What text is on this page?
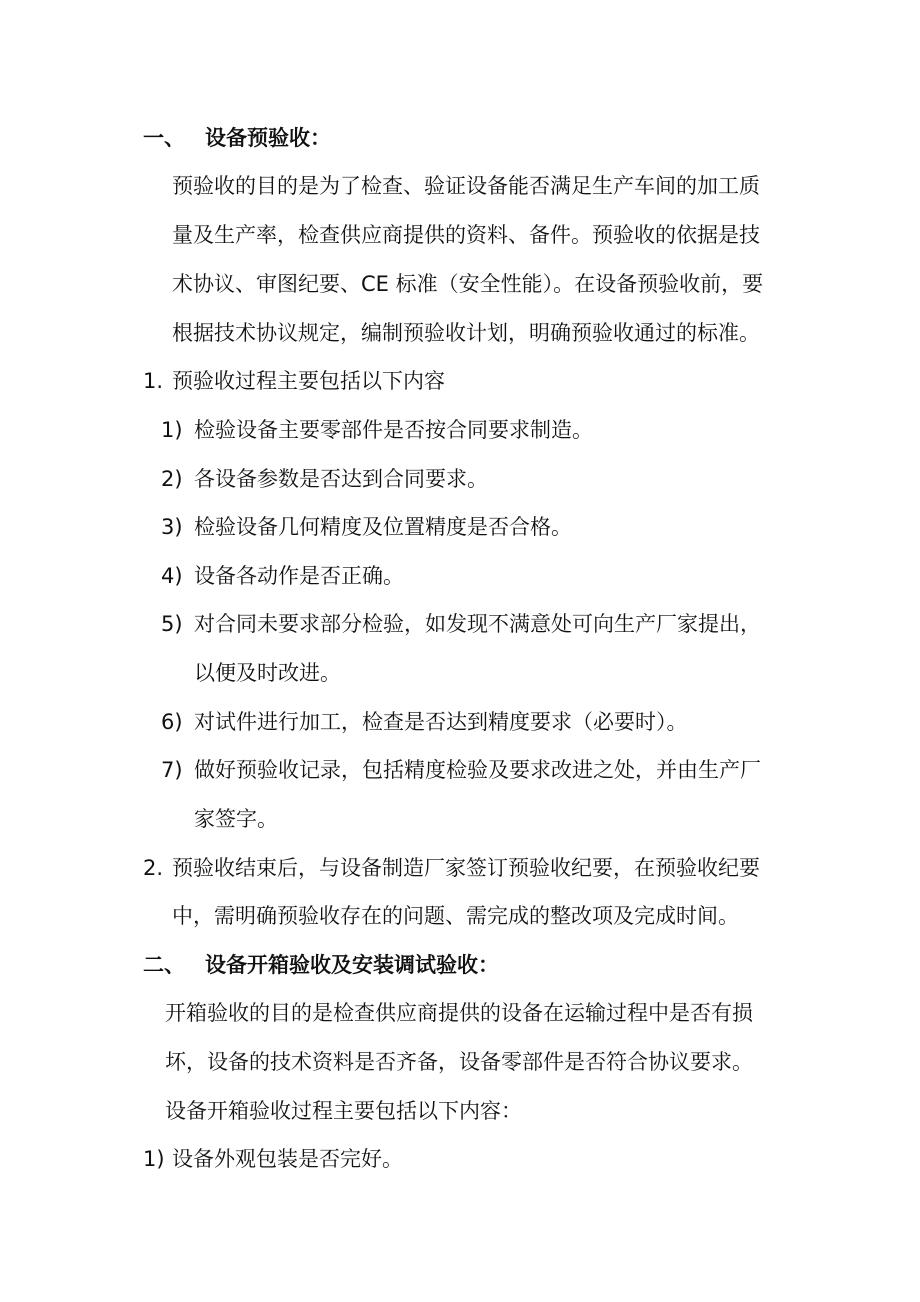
一、 设备预验收：
预验收的目的是为了检查、验证设备能否满足生产车间的加工质
量及生产率，检查供应商提供的资料、备件。预验收的依据是技
术协议、审图纪要、CE 标准（安全性能）。在设备预验收前，要
根据技术协议规定，编制预验收计划，明确预验收通过的标准。
1. 预验收过程主要包括以下内容
1) 检验设备主要零部件是否按合同要求制造。
2) 各设备参数是否达到合同要求。
3) 检验设备几何精度及位置精度是否合格。
4) 设备各动作是否正确。
5) 对合同未要求部分检验，如发现不满意处可向生产厂家提出，
以便及时改进。
6) 对试件进行加工，检查是否达到精度要求（必要时）。
7) 做好预验收记录，包括精度检验及要求改进之处，并由生产厂
家签字。
2. 预验收结束后，与设备制造厂家签订预验收纪要，在预验收纪要
中，需明确预验收存在的问题、需完成的整改项及完成时间。
二、 设备开箱验收及安装调试验收：
开箱验收的目的是检查供应商提供的设备在运输过程中是否有损
坏，设备的技术资料是否齐备，设备零部件是否符合协议要求。
设备开箱验收过程主要包括以下内容：
1) 设备外观包装是否完好。
